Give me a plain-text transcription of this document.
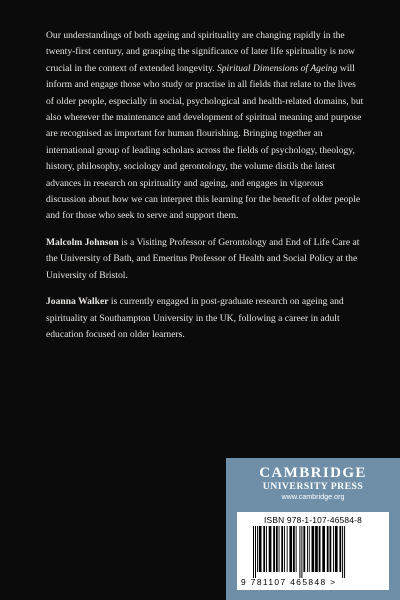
Our understandings of both ageing and spirituality are changing rapidly in the twenty-first century, and grasping the significance of later life spirituality is now crucial in the context of extended longevity. Spiritual Dimensions of Ageing will inform and engage those who study or practise in all fields that relate to the lives of older people, especially in social, psychological and health-related domains, but also wherever the maintenance and development of spiritual meaning and purpose are recognised as important for human flourishing. Bringing together an international group of leading scholars across the fields of psychology, theology, history, philosophy, sociology and gerontology, the volume distils the latest advances in research on spirituality and ageing, and engages in vigorous discussion about how we can interpret this learning for the benefit of older people and for those who seek to serve and support them.

Malcolm Johnson is a Visiting Professor of Gerontology and End of Life Care at the University of Bath, and Emeritus Professor of Health and Social Policy at the University of Bristol.

Joanna Walker is currently engaged in post-graduate research on ageing and spirituality at Southampton University in the UK, following a career in adult education focused on older learners.

CAMBRIDGE
UNIVERSITY PRESS
www.cambridge.org
ISBN 978-1-107-46584-8
9 781107 465848 >
